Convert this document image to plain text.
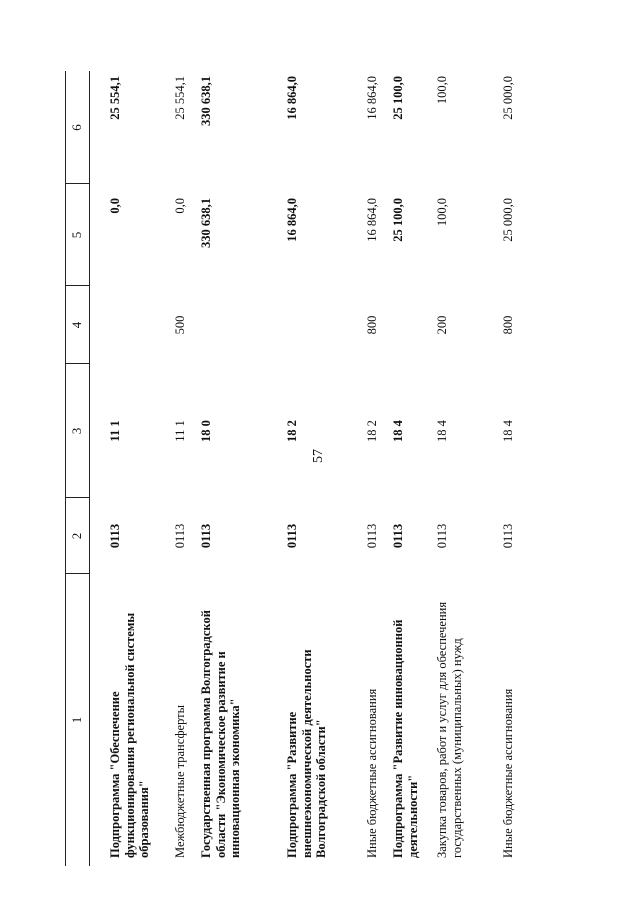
57
1
2
3
4
5
6
Подпрограмма "Обеспечение функционирования региональной системы образования"
0113
11 1
0,0
25 554,1
Межбюджетные трансферты
0113
11 1
500
0,0
25 554,1
Государственная программа Волгоградской области "Экономическое развитие и инновационная экономика"
0113
18 0
330 638,1
330 638,1
Подпрограмма "Развитие внешнеэкономической деятельности Волгоградской области"
0113
18 2
16 864,0
16 864,0
Иные бюджетные ассигнования
0113
18 2
800
16 864,0
16 864,0
Подпрограмма "Развитие инновационной деятельности"
0113
18 4
25 100,0
25 100,0
Закупка товаров, работ и услуг для обеспечения государственных (муниципальных) нужд
0113
18 4
200
100,0
100,0
Иные бюджетные ассигнования
0113
18 4
800
25 000,0
25 000,0
